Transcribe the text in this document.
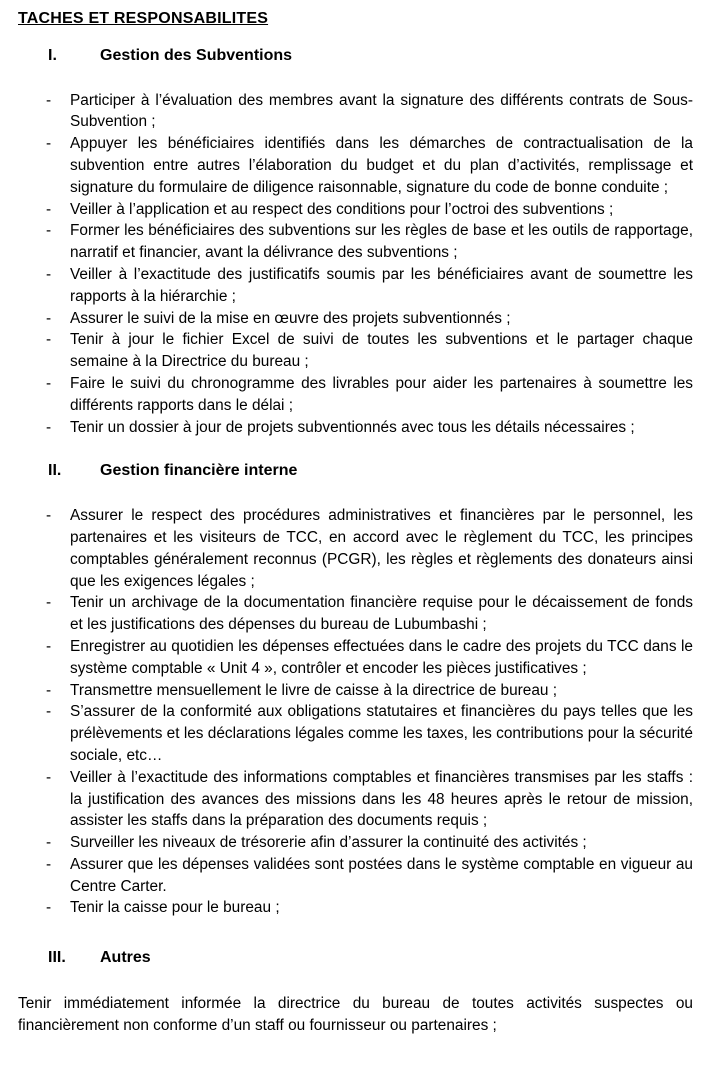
TACHES ET RESPONSABILITES
I.	Gestion des Subventions
- Participer à l’évaluation des membres avant la signature des différents contrats de Sous-Subvention ;
- Appuyer les bénéficiaires identifiés dans les démarches de contractualisation de la subvention entre autres l’élaboration du budget et du plan d’activités, remplissage et signature du formulaire de diligence raisonnable, signature du code de bonne conduite ;
- Veiller à l’application et au respect des conditions pour l’octroi des subventions ;
- Former les bénéficiaires des subventions sur les règles de base et les outils de rapportage, narratif et financier, avant la délivrance des subventions ;
- Veiller à l’exactitude des justificatifs soumis par les bénéficiaires avant de soumettre les rapports à la hiérarchie ;
- Assurer le suivi de la mise en œuvre des projets subventionnés ;
- Tenir à jour le fichier Excel de suivi de toutes les subventions et le partager chaque semaine à la Directrice du bureau ;
- Faire le suivi du chronogramme des livrables pour aider les partenaires à soumettre les différents rapports dans le délai ;
- Tenir un dossier à jour de projets subventionnés avec tous les détails nécessaires ;
II.	Gestion financière interne
- Assurer le respect des procédures administratives et financières par le personnel, les partenaires et les visiteurs de TCC, en accord avec le règlement du TCC, les principes comptables généralement reconnus (PCGR), les règles et règlements des donateurs ainsi que les exigences légales ;
- Tenir un archivage de la documentation financière requise pour le décaissement de fonds et les justifications des dépenses du bureau de Lubumbashi ;
- Enregistrer au quotidien les dépenses effectuées dans le cadre des projets du TCC dans le système comptable « Unit 4 », contrôler et encoder les pièces justificatives ;
- Transmettre mensuellement le livre de caisse à la directrice de bureau ;
- S’assurer de la conformité aux obligations statutaires et financières du pays telles que les prélèvements et les déclarations légales comme les taxes, les contributions pour la sécurité sociale, etc…
- Veiller à l’exactitude des informations comptables et financières transmises par les staffs : la justification des avances des missions dans les 48 heures après le retour de mission, assister les staffs dans la préparation des documents requis ;
- Surveiller les niveaux de trésorerie afin d’assurer la continuité des activités ;
- Assurer que les dépenses validées sont postées dans le système comptable en vigueur au Centre Carter.
- Tenir la caisse pour le bureau ;
III.	Autres

Tenir immédiatement informée la directrice du bureau de toutes activités suspectes ou financièrement non conforme d’un staff ou fournisseur ou partenaires ;
